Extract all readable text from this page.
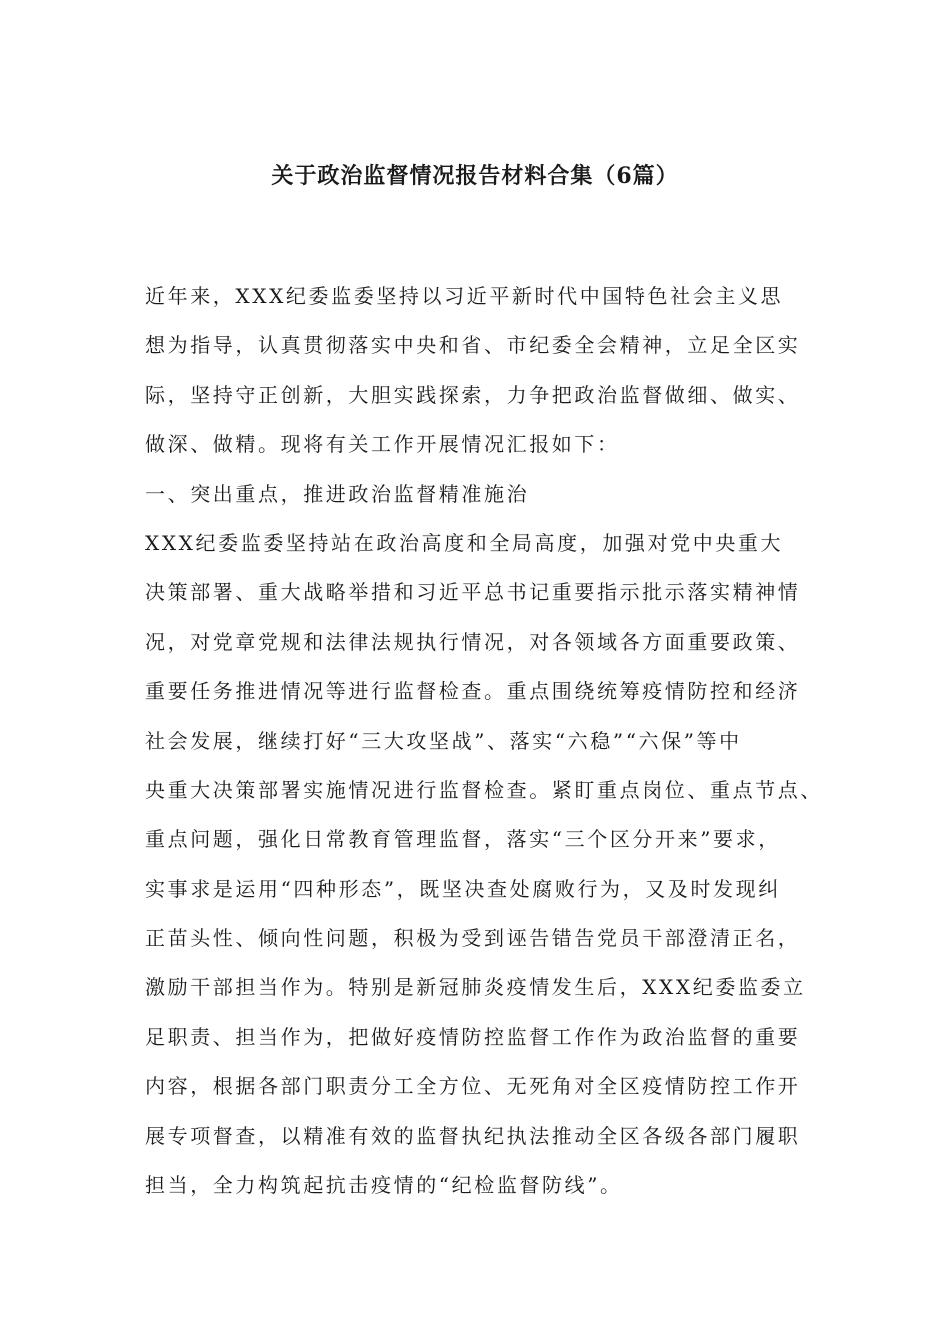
关于政治监督情况报告材料合集（6篇）
近年来，XXX纪委监委坚持以习近平新时代中国特色社会主义思
想为指导，认真贯彻落实中央和省、市纪委全会精神，立足全区实
际，坚持守正创新，大胆实践探索，力争把政治监督做细、做实、
做深、做精。现将有关工作开展情况汇报如下：
一、突出重点，推进政治监督精准施治
XXX纪委监委坚持站在政治高度和全局高度，加强对党中央重大
决策部署、重大战略举措和习近平总书记重要指示批示落实精神情
况，对党章党规和法律法规执行情况，对各领域各方面重要政策、
重要任务推进情况等进行监督检查。重点围绕统筹疫情防控和经济
社会发展，继续打好“三大攻坚战”、落实“六稳”“六保”等中
央重大决策部署实施情况进行监督检查。紧盯重点岗位、重点节点、
重点问题，强化日常教育管理监督，落实“三个区分开来”要求，
实事求是运用“四种形态”，既坚决查处腐败行为，又及时发现纠
正苗头性、倾向性问题，积极为受到诬告错告党员干部澄清正名，
激励干部担当作为。特别是新冠肺炎疫情发生后，XXX纪委监委立
足职责、担当作为，把做好疫情防控监督工作作为政治监督的重要
内容，根据各部门职责分工全方位、无死角对全区疫情防控工作开
展专项督查，以精准有效的监督执纪执法推动全区各级各部门履职
担当，全力构筑起抗击疫情的“纪检监督防线”。
